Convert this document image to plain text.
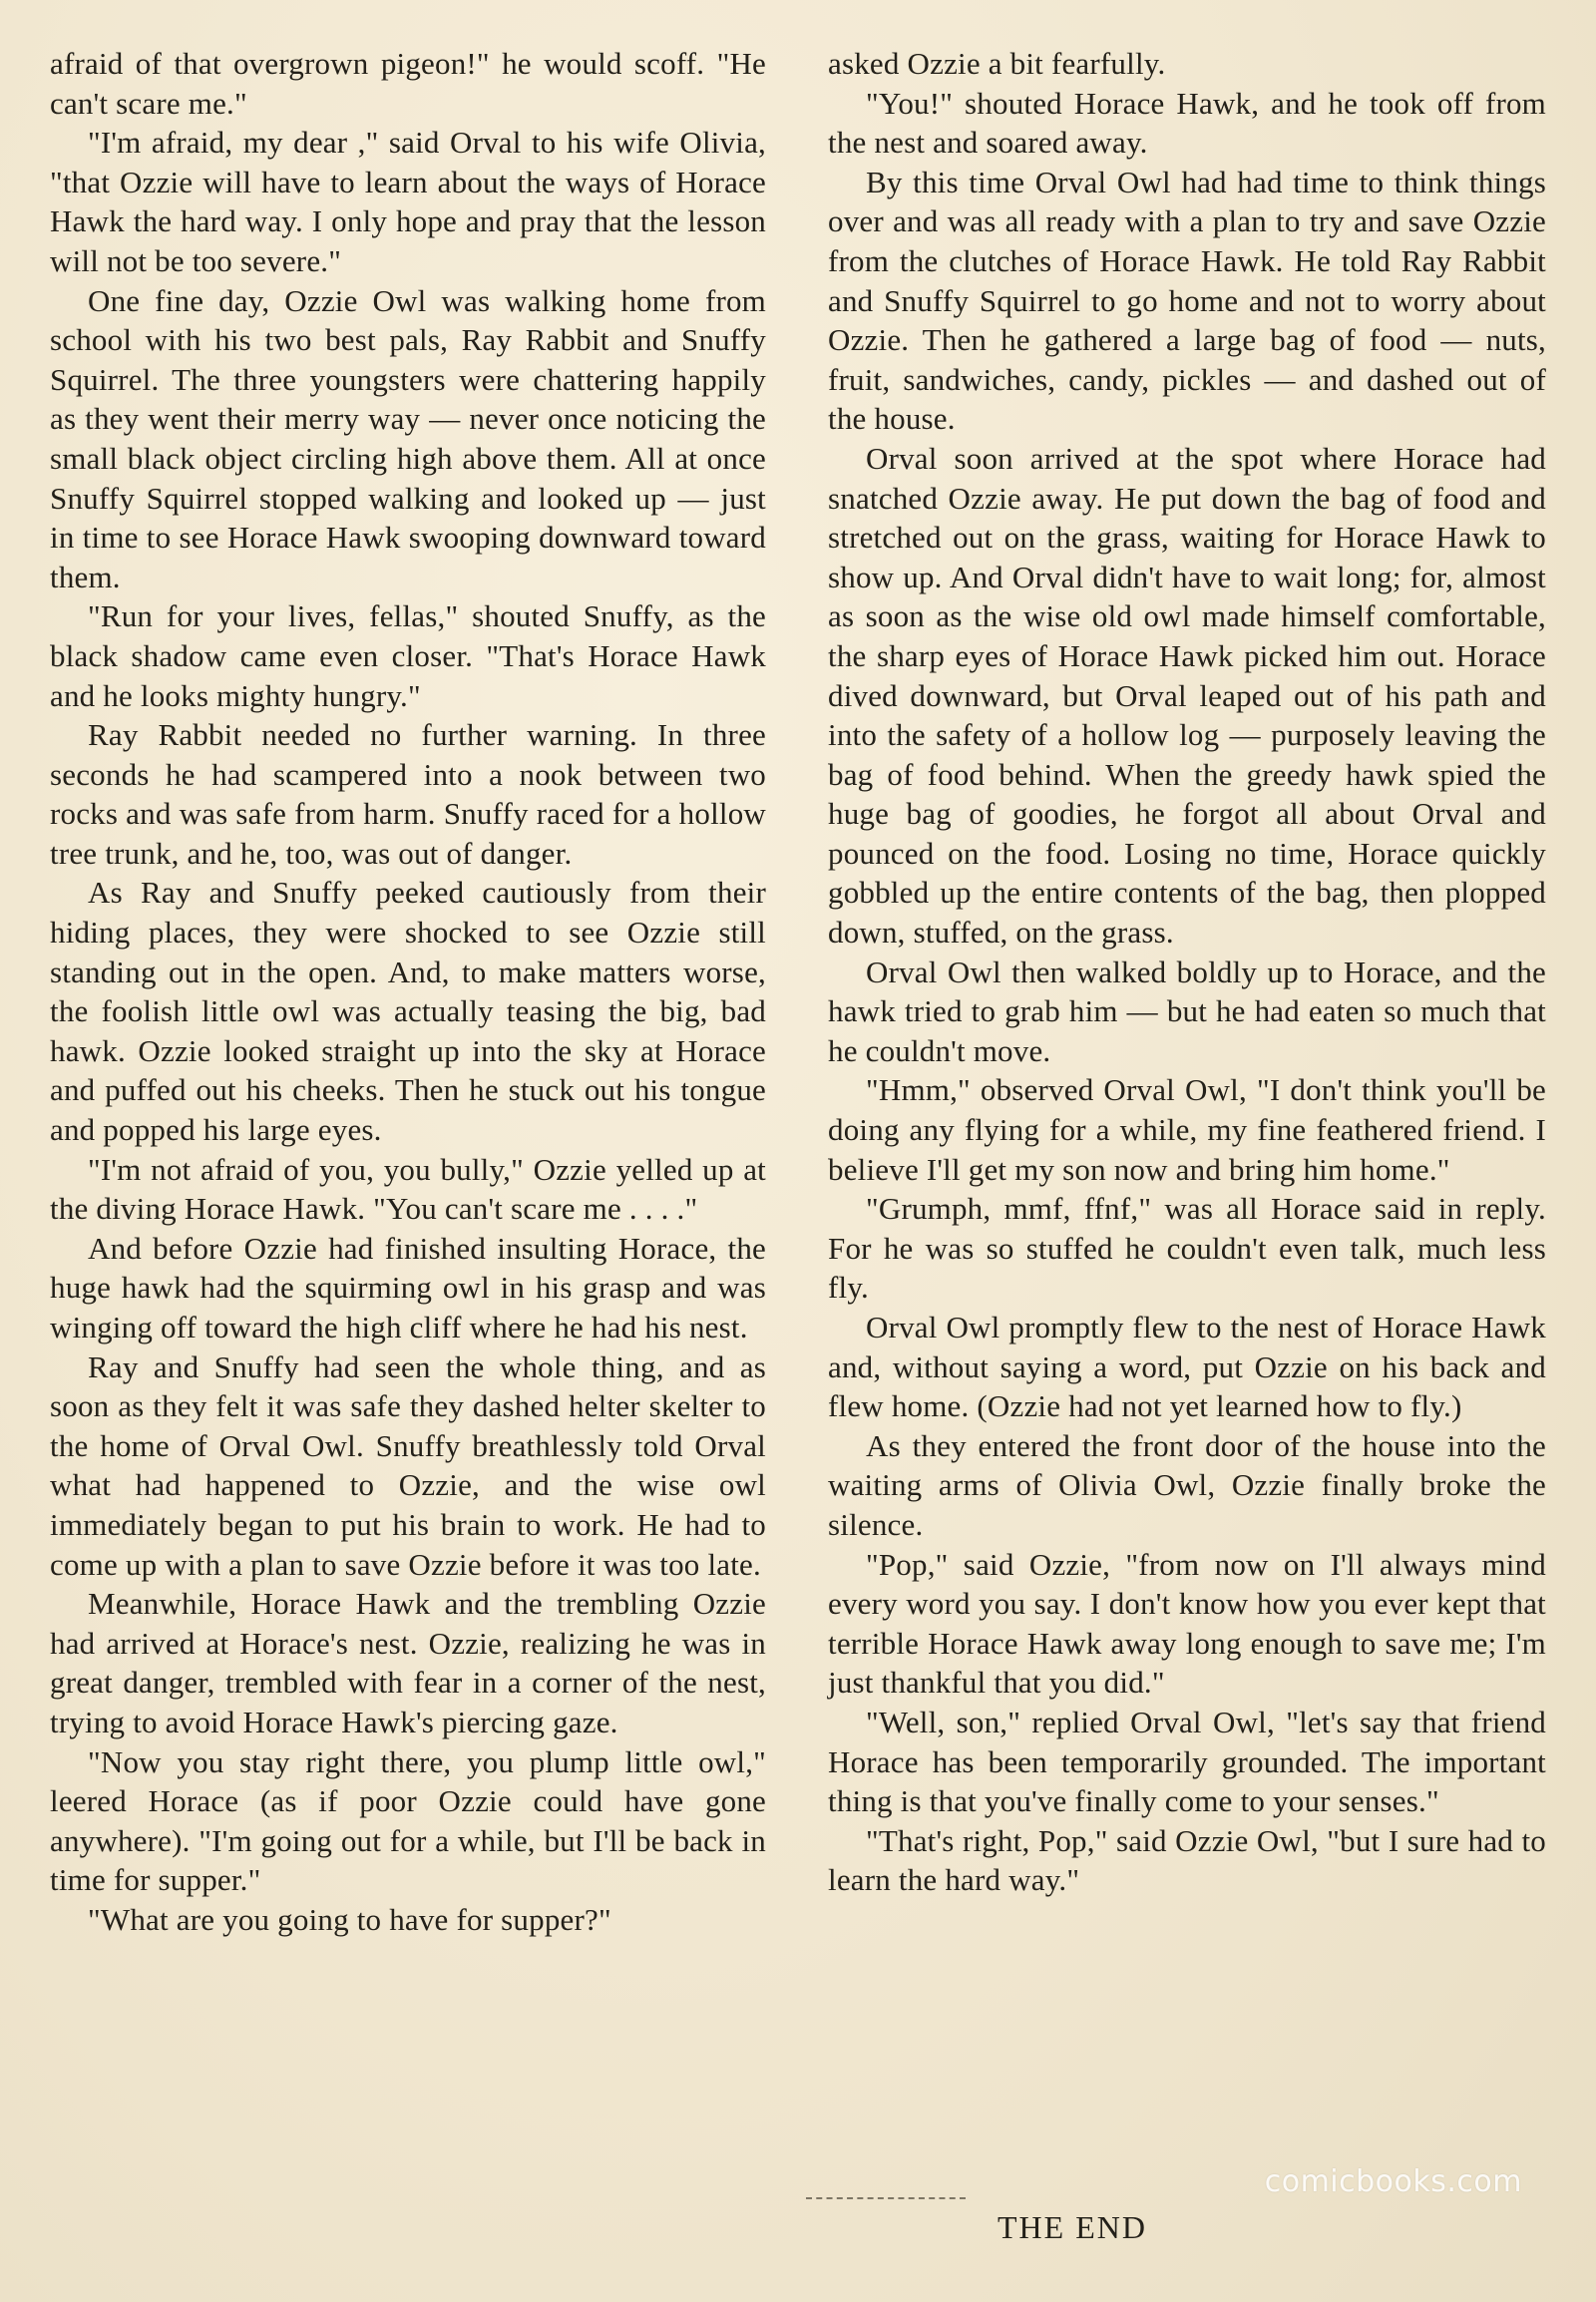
afraid of that overgrown pigeon!" he would scoff. "He can't scare me."

"I'm afraid, my dear ," said Orval to his wife Olivia, "that Ozzie will have to learn about the ways of Horace Hawk the hard way. I only hope and pray that the lesson will not be too severe."

One fine day, Ozzie Owl was walking home from school with his two best pals, Ray Rabbit and Snuffy Squirrel. The three youngsters were chattering happily as they went their merry way — never once noticing the small black object circling high above them. All at once Snuffy Squirrel stopped walking and looked up — just in time to see Horace Hawk swooping downward toward them.

"Run for your lives, fellas," shouted Snuffy, as the black shadow came even closer. "That's Horace Hawk and he looks mighty hungry."

Ray Rabbit needed no further warning. In three seconds he had scampered into a nook between two rocks and was safe from harm. Snuffy raced for a hollow tree trunk, and he, too, was out of danger.

As Ray and Snuffy peeked cautiously from their hiding places, they were shocked to see Ozzie still standing out in the open. And, to make matters worse, the foolish little owl was actually teasing the big, bad hawk. Ozzie looked straight up into the sky at Horace and puffed out his cheeks. Then he stuck out his tongue and popped his large eyes.

"I'm not afraid of you, you bully," Ozzie yelled up at the diving Horace Hawk. "You can't scare me . . . ."

And before Ozzie had finished insulting Horace, the huge hawk had the squirming owl in his grasp and was winging off toward the high cliff where he had his nest.

Ray and Snuffy had seen the whole thing, and as soon as they felt it was safe they dashed helter skelter to the home of Orval Owl. Snuffy breathlessly told Orval what had happened to Ozzie, and the wise owl immediately began to put his brain to work. He had to come up with a plan to save Ozzie before it was too late.

Meanwhile, Horace Hawk and the trembling Ozzie had arrived at Horace's nest. Ozzie, realizing he was in great danger, trembled with fear in a corner of the nest, trying to avoid Horace Hawk's piercing gaze.

"Now you stay right there, you plump little owl," leered Horace (as if poor Ozzie could have gone anywhere). "I'm going out for a while, but I'll be back in time for supper."

"What are you going to have for supper?"

asked Ozzie a bit fearfully.

"You!" shouted Horace Hawk, and he took off from the nest and soared away.

By this time Orval Owl had had time to think things over and was all ready with a plan to try and save Ozzie from the clutches of Horace Hawk. He told Ray Rabbit and Snuffy Squirrel to go home and not to worry about Ozzie. Then he gathered a large bag of food — nuts, fruit, sandwiches, candy, pickles — and dashed out of the house.

Orval soon arrived at the spot where Horace had snatched Ozzie away. He put down the bag of food and stretched out on the grass, waiting for Horace Hawk to show up. And Orval didn't have to wait long; for, almost as soon as the wise old owl made himself comfortable, the sharp eyes of Horace Hawk picked him out. Horace dived downward, but Orval leaped out of his path and into the safety of a hollow log — purposely leaving the bag of food behind. When the greedy hawk spied the huge bag of goodies, he forgot all about Orval and pounced on the food. Losing no time, Horace quickly gobbled up the entire contents of the bag, then plopped down, stuffed, on the grass.

Orval Owl then walked boldly up to Horace, and the hawk tried to grab him — but he had eaten so much that he couldn't move.

"Hmm," observed Orval Owl, "I don't think you'll be doing any flying for a while, my fine feathered friend. I believe I'll get my son now and bring him home."

"Grumph, mmf, ffnf," was all Horace said in reply. For he was so stuffed he couldn't even talk, much less fly.

Orval Owl promptly flew to the nest of Horace Hawk and, without saying a word, put Ozzie on his back and flew home. (Ozzie had not yet learned how to fly.)

As they entered the front door of the house into the waiting arms of Olivia Owl, Ozzie finally broke the silence.

"Pop," said Ozzie, "from now on I'll always mind every word you say. I don't know how you ever kept that terrible Horace Hawk away long enough to save me; I'm just thankful that you did."

"Well, son," replied Orval Owl, "let's say that friend Horace has been temporarily grounded. The important thing is that you've finally come to your senses."

"That's right, Pop," said Ozzie Owl, "but I sure had to learn the hard way."

THE END
comicbooks.com
